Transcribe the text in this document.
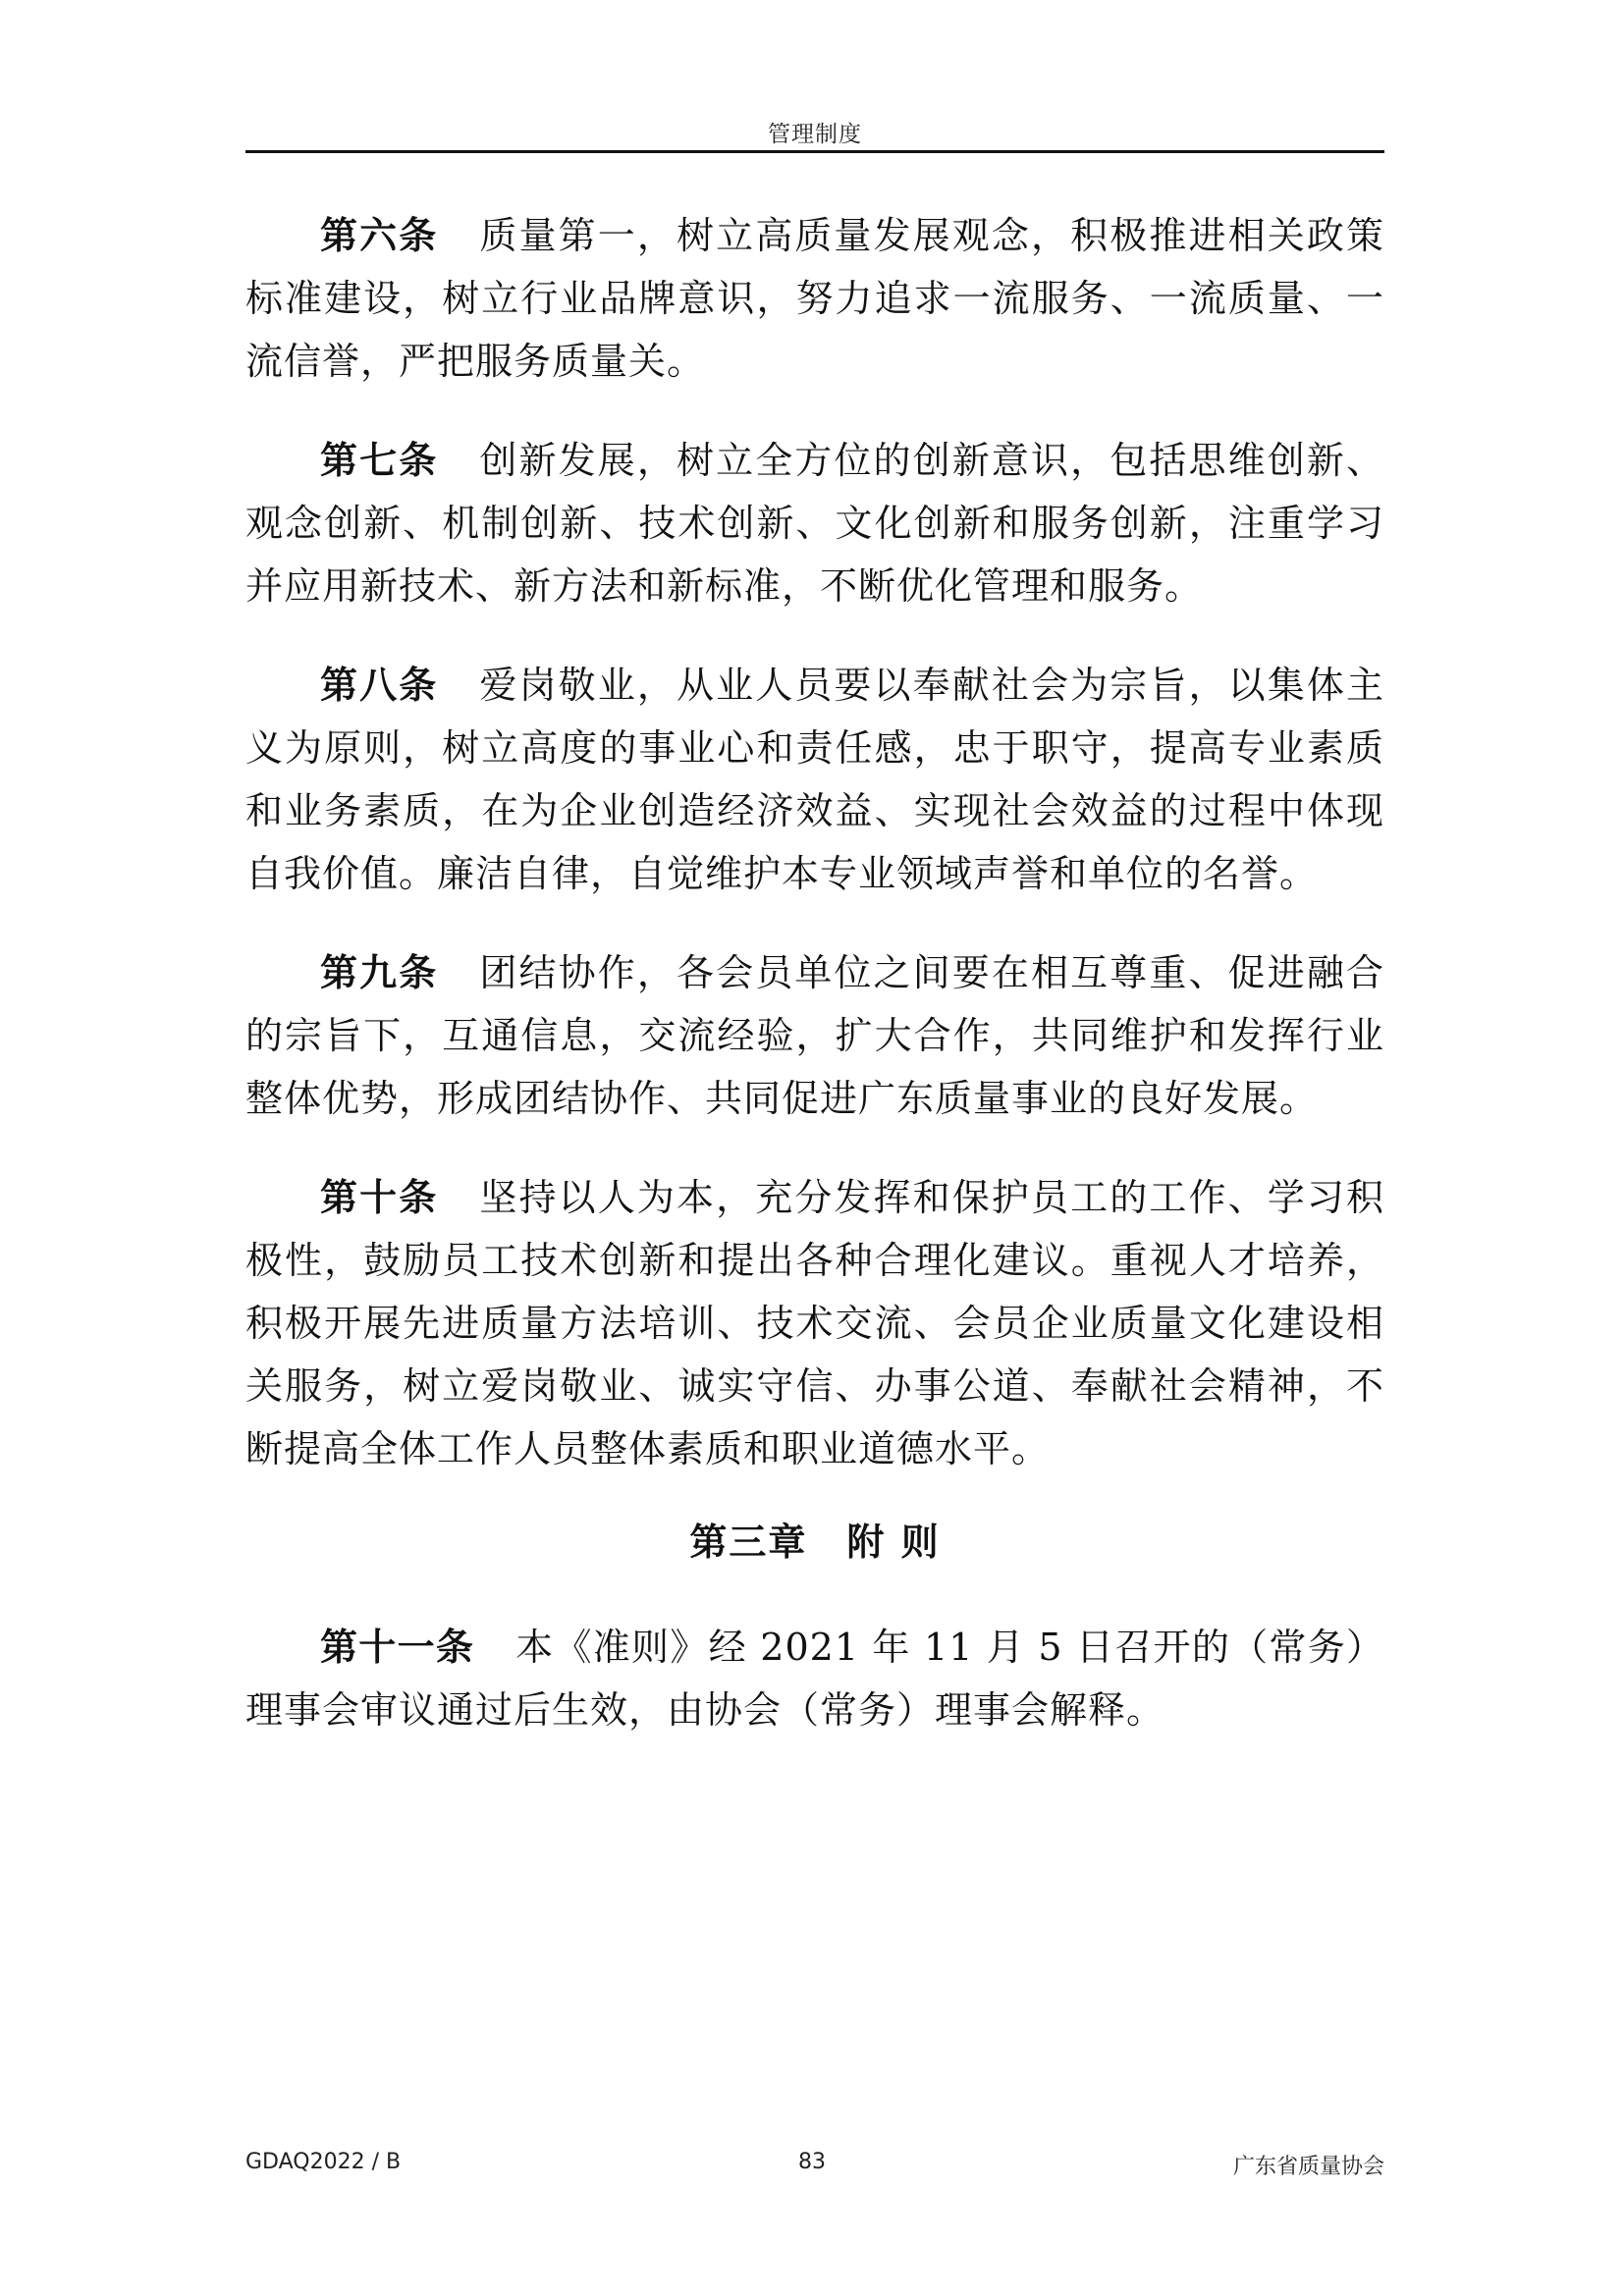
管理制度

第六条 质量第一，树立高质量发展观念，积极推进相关政策标准建设，树立行业品牌意识，努力追求一流服务、一流质量、一流信誉，严把服务质量关。

第七条 创新发展，树立全方位的创新意识，包括思维创新、观念创新、机制创新、技术创新、文化创新和服务创新，注重学习并应用新技术、新方法和新标准，不断优化管理和服务。

第八条 爱岗敬业，从业人员要以奉献社会为宗旨，以集体主义为原则，树立高度的事业心和责任感，忠于职守，提高专业素质和业务素质，在为企业创造经济效益、实现社会效益的过程中体现自我价值。廉洁自律，自觉维护本专业领域声誉和单位的名誉。

第九条 团结协作，各会员单位之间要在相互尊重、促进融合的宗旨下，互通信息，交流经验，扩大合作，共同维护和发挥行业整体优势，形成团结协作、共同促进广东质量事业的良好发展。

第十条 坚持以人为本，充分发挥和保护员工的工作、学习积极性，鼓励员工技术创新和提出各种合理化建议。重视人才培养，积极开展先进质量方法培训、技术交流、会员企业质量文化建设相关服务，树立爱岗敬业、诚实守信、办事公道、奉献社会精神，不断提高全体工作人员整体素质和职业道德水平。

第三章　附 则

第十一条 本《准则》经 2021 年 11 月 5 日召开的（常务）理事会审议通过后生效，由协会（常务）理事会解释。

GDAQ2022 / B	83	广东省质量协会
